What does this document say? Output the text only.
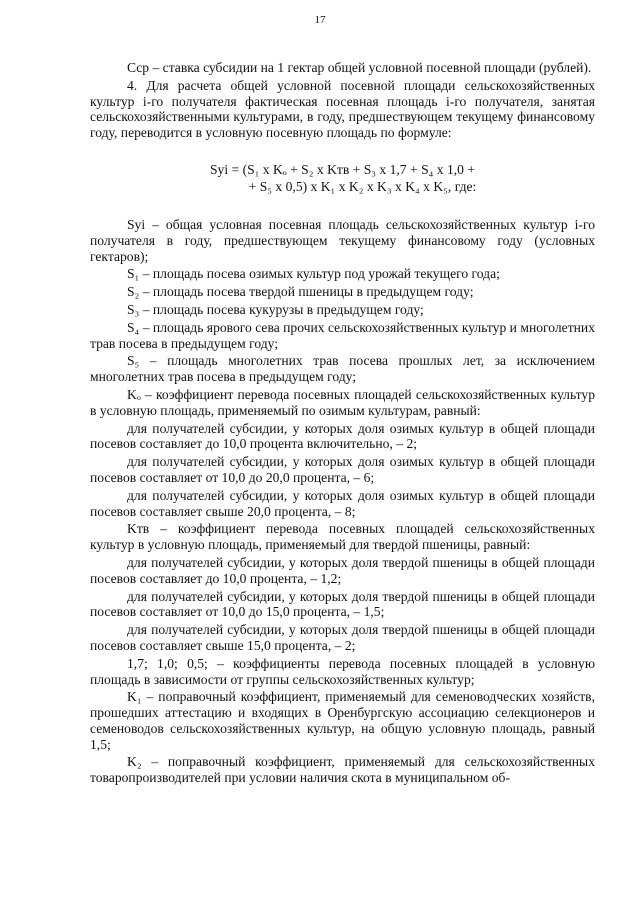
17

Сср – ставка субсидии на 1 гектар общей условной посевной площади (рублей).

4. Для расчета общей условной посевной площади сельскохозяйственных культур i-го получателя фактическая посевная площадь i-го получателя, занятая сельскохозяйственными культурами, в году, предшествующем текущему финансовому году, переводится в условную посевную площадь по формуле:

Syi = (S₁ x Kₒ + S₂ x Kтв + S₃ x 1,7 + S₄ x 1,0 +
+ S₅ x 0,5) x K₁ x K₂ x K₃ x K₄ x K₅, где:

Syi – общая условная посевная площадь сельскохозяйственных культур i-го получателя в году, предшествующем текущему финансовому году (условных гектаров);

S₁ – площадь посева озимых культур под урожай текущего года;

S₂ – площадь посева твердой пшеницы в предыдущем году;

S₃ – площадь посева кукурузы в предыдущем году;

S₄ – площадь ярового сева прочих сельскохозяйственных культур и многолетних трав посева в предыдущем году;

S₅ – площадь многолетних трав посева прошлых лет, за исключением многолетних трав посева в предыдущем году;

Kₒ – коэффициент перевода посевных площадей сельскохозяйственных культур в условную площадь, применяемый по озимым культурам, равный:

для получателей субсидии, у которых доля озимых культур в общей площади посевов составляет до 10,0 процента включительно, – 2;

для получателей субсидии, у которых доля озимых культур в общей площади посевов составляет от 10,0 до 20,0 процента, – 6;

для получателей субсидии, у которых доля озимых культур в общей площади посевов составляет свыше 20,0 процента, – 8;

Kтв – коэффициент перевода посевных площадей сельскохозяйственных культур в условную площадь, применяемый для твердой пшеницы, равный:

для получателей субсидии, у которых доля твердой пшеницы в общей площади посевов составляет до 10,0 процента, – 1,2;

для получателей субсидии, у которых доля твердой пшеницы в общей площади посевов составляет от 10,0 до 15,0 процента, – 1,5;

для получателей субсидии, у которых доля твердой пшеницы в общей площади посевов составляет свыше 15,0 процента, – 2;

1,7; 1,0; 0,5; – коэффициенты перевода посевных площадей в условную площадь в зависимости от группы сельскохозяйственных культур;

K₁ – поправочный коэффициент, применяемый для семеноводческих хозяйств, прошедших аттестацию и входящих в Оренбургскую ассоциацию селекционеров и семеноводов сельскохозяйственных культур, на общую условную площадь, равный 1,5;

K₂ – поправочный коэффициент, применяемый для сельскохозяйственных товаропроизводителей при условии наличия скота в муниципальном об-
